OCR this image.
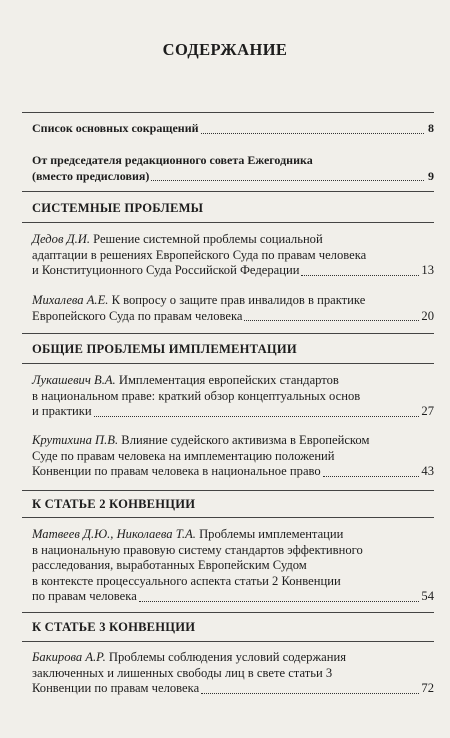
СОДЕРЖАНИЕ
Список основных сокращений	8
От председателя редакционного совета Ежегодника
(вместо предисловия)	9
СИСТЕМНЫЕ ПРОБЛЕМЫ
Дедов Д.И. Решение системной проблемы социальной
адаптации в решениях Европейского Суда по правам человека
и Конституционного Суда Российской Федерации	13
Михалева А.Е. К вопросу о защите прав инвалидов в практике
Европейского Суда по правам человека	20
ОБЩИЕ ПРОБЛЕМЫ ИМПЛЕМЕНТАЦИИ
Лукашевич В.А. Имплементация европейских стандартов
в национальном праве: краткий обзор концептуальных основ
и практики	27
Крутихина П.В. Влияние судейского активизма в Европейском
Суде по правам человека на имплементацию положений
Конвенции по правам человека в национальное право	43
К СТАТЬЕ 2 КОНВЕНЦИИ
Матвеев Д.Ю., Николаева Т.А. Проблемы имплементации
в национальную правовую систему стандартов эффективного
расследования, выработанных Европейским Судом
в контексте процессуального аспекта статьи 2 Конвенции
по правам человека	54
К СТАТЬЕ 3 КОНВЕНЦИИ
Бакирова А.Р. Проблемы соблюдения условий содержания
заключенных и лишенных свободы лиц в свете статьи 3
Конвенции по правам человека	72
